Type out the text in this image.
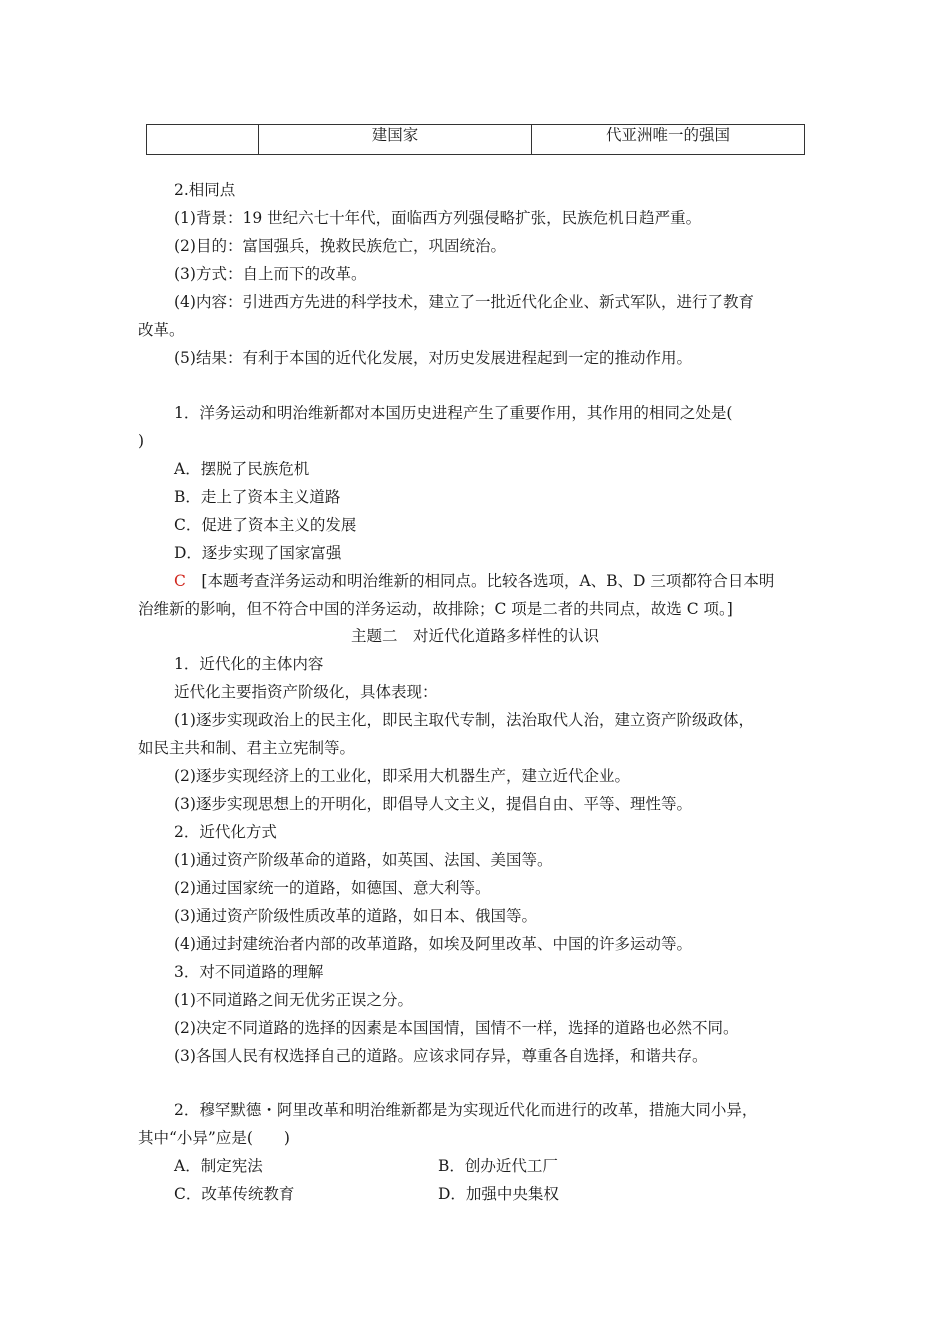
	建国家	代亚洲唯一的强国
2.相同点
(1)背景：19 世纪六七十年代，面临西方列强侵略扩张，民族危机日趋严重。
(2)目的：富国强兵，挽救民族危亡，巩固统治。
(3)方式：自上而下的改革。
(4)内容：引进西方先进的科学技术，建立了一批近代化企业、新式军队，进行了教育
改革。
(5)结果：有利于本国的近代化发展，对历史发展进程起到一定的推动作用。
1．洋务运动和明治维新都对本国历史进程产生了重要作用，其作用的相同之处是(
)
A．摆脱了民族危机
B．走上了资本主义道路
C．促进了资本主义的发展
D．逐步实现了国家富强
C　 [本题考查洋务运动和明治维新的相同点。比较各选项，A、B、D 三项都符合日本明
治维新的影响，但不符合中国的洋务运动，故排除；C 项是二者的共同点，故选 C 项。]
主题二　对近代化道路多样性的认识
1．近代化的主体内容
近代化主要指资产阶级化，具体表现：
(1)逐步实现政治上的民主化，即民主取代专制，法治取代人治，建立资产阶级政体，
如民主共和制、君主立宪制等。
(2)逐步实现经济上的工业化，即采用大机器生产，建立近代企业。
(3)逐步实现思想上的开明化，即倡导人文主义，提倡自由、平等、理性等。
2．近代化方式
(1)通过资产阶级革命的道路，如英国、法国、美国等。
(2)通过国家统一的道路，如德国、意大利等。
(3)通过资产阶级性质改革的道路，如日本、俄国等。
(4)通过封建统治者内部的改革道路，如埃及阿里改革、中国的许多运动等。
3．对不同道路的理解
(1)不同道路之间无优劣正误之分。
(2)决定不同道路的选择的因素是本国国情，国情不一样，选择的道路也必然不同。
(3)各国人民有权选择自己的道路。应该求同存异，尊重各自选择，和谐共存。
2．穆罕默德・阿里改革和明治维新都是为实现近代化而进行的改革，措施大同小异，
其中“小异”应是(　　)
A．制定宪法	B．创办近代工厂
C．改革传统教育	D．加强中央集权
